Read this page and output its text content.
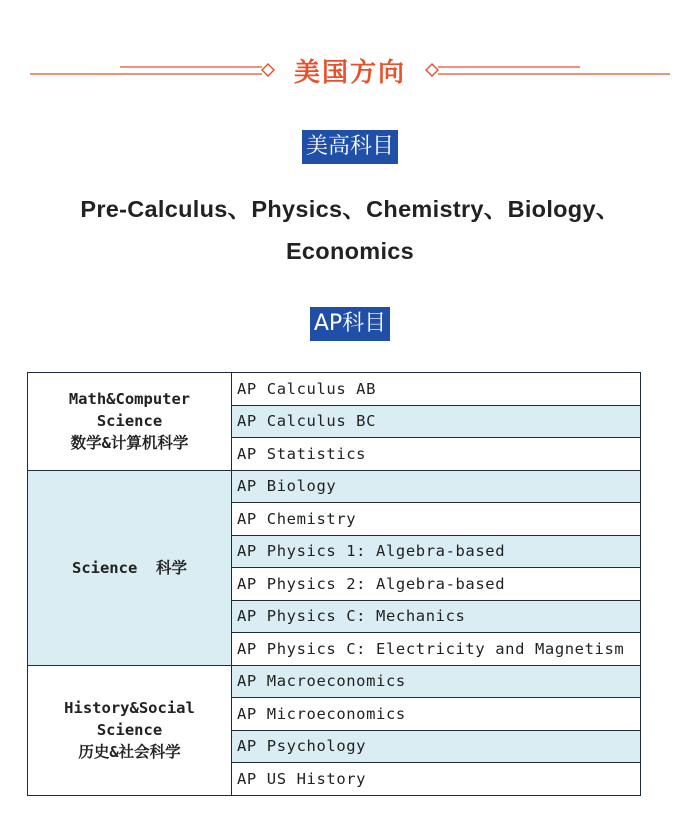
美国方向
美高科目
Pre-Calculus、Physics、Chemistry、Biology、Economics
AP科目
Math&Computer
Science
数学&计算机科学	AP Calculus AB
	AP Calculus BC
	AP Statistics
Science 科学	AP Biology
	AP Chemistry
	AP Physics 1: Algebra-based
	AP Physics 2: Algebra-based
	AP Physics C: Mechanics
	AP Physics C: Electricity and Magnetism

History&Social
Science
历史&社会科学	AP Macroeconomics
	AP Microeconomics
	AP Psychology
	AP US History
